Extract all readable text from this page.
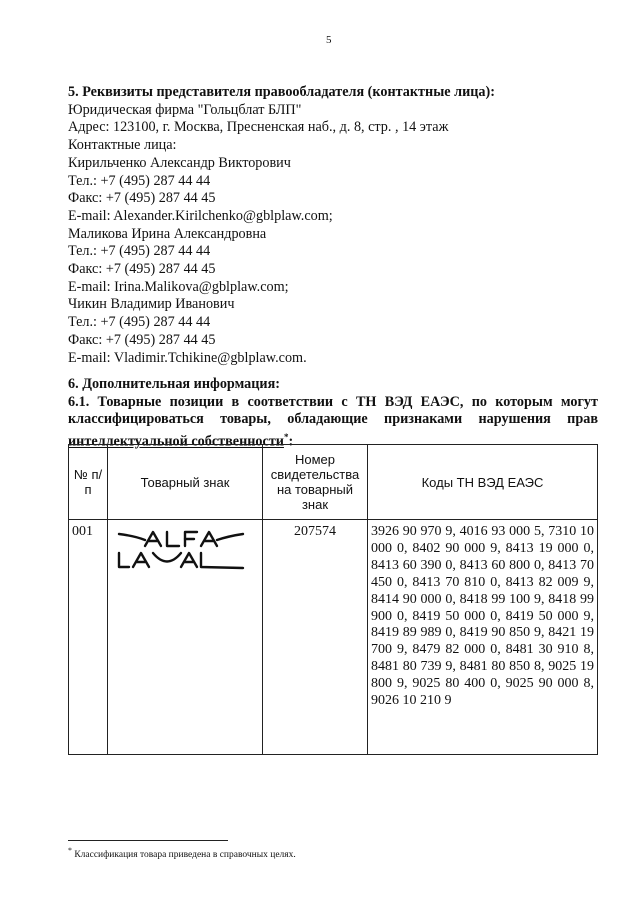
5
5. Реквизиты представителя правообладателя (контактные лица):
Юридическая фирма "Гольцблат БЛП"
Адрес: 123100, г. Москва, Пресненская наб., д. 8, стр. , 14 этаж
Контактные лица:
Кирильченко Александр Викторович
Тел.: +7 (495) 287 44 44
Факс: +7 (495) 287 44 45
E-mail: Alexander.Kirilchenko@gblplaw.com;
Маликова Ирина Александровна
Тел.: +7 (495) 287 44 44
Факс: +7 (495) 287 44 45
E-mail: Irina.Malikova@gblplaw.com;
Чикин Владимир Иванович
Тел.: +7 (495) 287 44 44
Факс: +7 (495) 287 44 45
E-mail: Vladimir.Tchikine@gblplaw.com.
6. Дополнительная информация:
6.1. Товарные позиции в соответствии с ТН ВЭД ЕАЭС, по которым могут
классифицироваться товары, обладающие признаками нарушения прав
интеллектуальной собственности*:
№ п/п	Товарный знак	Номер свидетельства на товарный знак	Коды ТН ВЭД ЕАЭС
001		207574	3926 90 970 9, 4016 93 000 5, 7310 10 000 0, 8402 90 000 9, 8413 19 000 0, 8413 60 390 0, 8413 60 800 0, 8413 70 450 0, 8413 70 810 0, 8413 82 009 9, 8414 90 000 0, 8418 99 100 9, 8418 99 900 0, 8419 50 000 0, 8419 50 000 9, 8419 89 989 0, 8419 90 850 9, 8421 19 700 9, 8479 82 000 0, 8481 30 910 8, 8481 80 739 9, 8481 80 850 8, 9025 19 800 9, 9025 80 400 0, 9025 90 000 8, 9026 10 210 9
* Классификация товара приведена в справочных целях.
